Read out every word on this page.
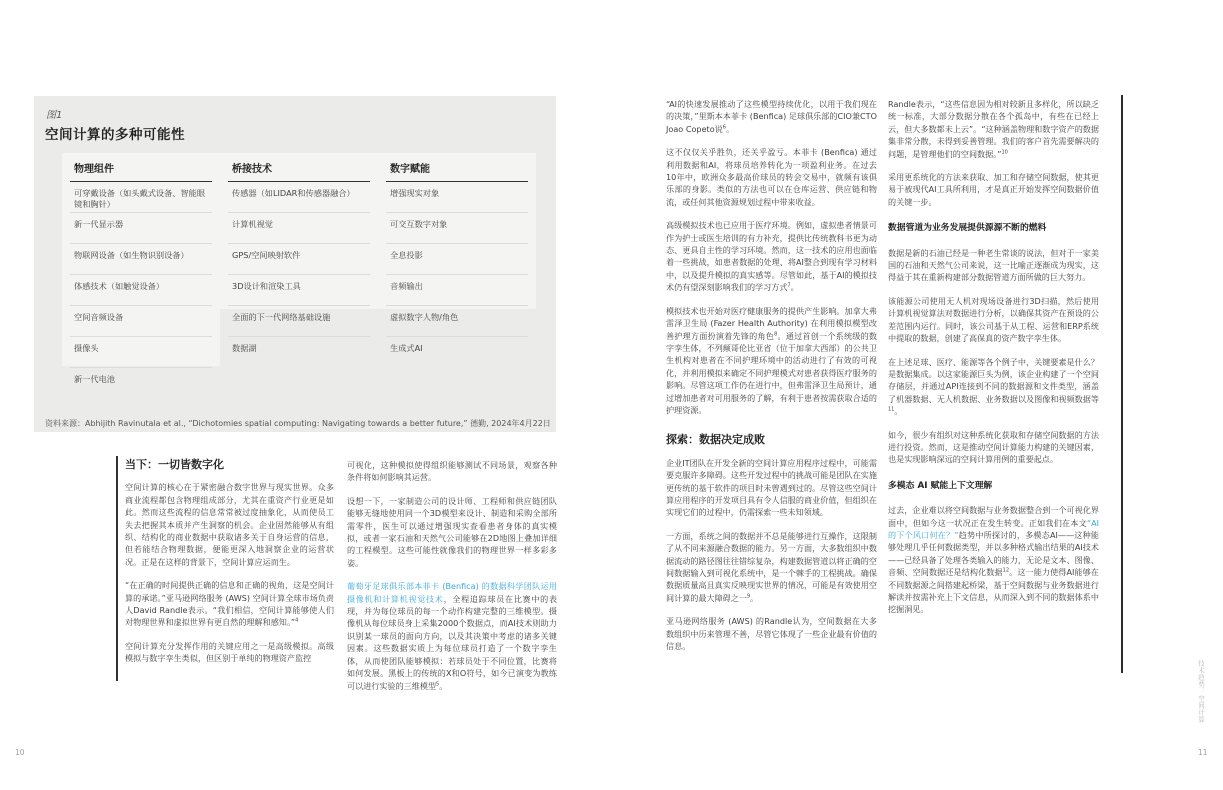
图1
空间计算的多种可能性
物理组件
可穿戴设备（如头戴式设备、智能眼镜和胸针）
新一代显示器
物联网设备（如生物识别设备）
体感技术（如触觉设备）
空间音频设备
摄像头
新一代电池
桥接技术
传感器（如LIDAR和传感器融合）
计算机视觉
GPS/空间映射软件
3D设计和渲染工具
全面的下一代网络基础设施
数据湖
数字赋能
增强现实对象
可交互数字对象
全息投影
音频输出
虚拟数字人物/角色
生成式AI
资料来源：Abhijith Ravinutala et al., “Dichotomies spatial computing: Navigating towards a better future,” 德勤, 2024年4月22日
当下：一切皆数字化

空间计算的核心在于紧密融合数字世界与现实世界。众多商业流程都包含物理组成部分，尤其在重资产行业更是如此。然而这些流程的信息常常被过度抽象化，从而使员工失去把握其本质并产生洞察的机会。企业固然能够从有组织、结构化的商业数据中获取诸多关于自身运营的信息，但若能结合物理数据，便能更深入地洞察企业的运营状况。正是在这样的背景下，空间计算应运而生。

“在正确的时间提供正确的信息和正确的视角，这是空间计算的承诺。”亚马逊网络服务 (AWS) 空间计算全球市场负责人David Randle表示。“我们相信，空间计算能够使人们对物理世界和虚拟世界有更自然的理解和感知。”$^4$

空间计算充分发挥作用的关键应用之一是高级模拟。高级模拟与数字孪生类似，但区别于单纯的物理资产监控

可视化，这种模拟使得组织能够测试不同场景，观察各种条件将如何影响其运营。

设想一下，一家制造公司的设计师、工程师和供应链团队能够无缝地使用同一个3D模型来设计、制造和采购全部所需零件，医生可以通过增强现实查看患者身体的真实模拟，或者一家石油和天然气公司能够在2D地图上叠加详细的工程模型。这些可能性就像我们的物理世界一样多彩多姿。

葡萄牙足球俱乐部本菲卡 (Benfica) 的数据科学团队运用摄像机和计算机视觉技术，全程追踪球员在比赛中的表现，并为每位球员的每一个动作构建完整的三维模型。摄像机从每位球员身上采集2000个数据点，而AI技术则助力识别某一球员的面向方向，以及其决策中考虑的诸多关键因素。这些数据实质上为每位球员打造了一个数字孪生体，从而使团队能够模拟：若球员处于不同位置，比赛将如何发展。黑板上的传统的X和O符号，如今已演变为教练可以进行实验的三维模型$^5$。

10

“AI的快速发展推动了这些模型持续优化，以用于我们现在的决策，”里斯本本菲卡 (Benfica) 足球俱乐部的CIO兼CTO Joao Copeto说$^6$。

这不仅仅关乎胜负，还关乎盈亏。本菲卡 (Benfica) 通过利用数据和AI，将球员培养转化为一项盈利业务。在过去10年中，欧洲众多最高价球员的转会交易中，就频有该俱乐部的身影。类似的方法也可以在仓库运营、供应链和物流，或任何其他资源规划过程中带来收益。

高级模拟技术也已应用于医疗环境。例如，虚拟患者情景可作为护士或医生培训的有力补充，提供比传统教科书更为动态、更具自主性的学习环境。然而，这一技术的应用也面临着一些挑战，如患者数据的处理、将AI整合到现有学习材料中，以及提升模拟的真实感等。尽管如此，基于AI的模拟技术仍有望深刻影响我们的学习方式$^7$。

模拟技术也开始对医疗健康服务的提供产生影响。加拿大弗雷泽卫生局 (Fazer Health Authority) 在利用模拟模型改善护理方面扮演着先锋的角色$^8$。通过首创一个系统级的数字孪生体，不列颠哥伦比亚省（位于加拿大西部）的公共卫生机构对患者在不同护理环境中的活动进行了有效的可视化，并利用模拟来确定不同护理模式对患者获得医疗服务的影响。尽管这项工作仍在进行中，但弗雷泽卫生局预计，通过增加患者对可用服务的了解，有利于患者按需获取合适的护理资源。

探索：数据决定成败

企业IT团队在开发全新的空间计算应用程序过程中，可能需要克服许多障碍。这些开发过程中的挑战可能是团队在实施更传统的基于软件的项目时未曾遇到过的。尽管这些空间计算应用程序的开发项目具有令人信服的商业价值，但组织在实现它们的过程中，仍需探索一些未知领域。

一方面，系统之间的数据并不总是能够进行互操作，这限制了从不同来源融合数据的能力。另一方面，大多数组织中数据流动的路径图往往错综复杂，构建数据管道以将正确的空间数据输入到可视化系统中，是一个棘手的工程挑战。确保数据质量高且真实反映现实世界的情况，可能是有效使用空间计算的最大障碍之一$^9$。

亚马逊网络服务 (AWS) 的Randle认为，空间数据在大多数组织中历来管理不善，尽管它体现了一些企业最有价值的信息。

Randle表示，“这些信息因为相对较新且多样化，所以缺乏统一标准，大部分数据分散在各个孤岛中，有些在已经上云，但大多数都未上云”。“这种涵盖物理和数字资产的数据集非常分散，未得到妥善管理。我们的客户首先需要解决的问题，是管理他们的空间数据。”$^{10}$

采用更系统化的方法来获取、加工和存储空间数据，使其更易于被现代AI工具所利用，才是真正开始发挥空间数据价值的关键一步。

数据管道为业务发展提供源源不断的燃料

数据是新的石油已经是一种老生常谈的说法，但对于一家美国的石油和天然气公司来说，这一比喻正逐渐成为现实，这得益于其在重新构建部分数据管道方面所做的巨大努力。

该能源公司使用无人机对现场设备进行3D扫描，然后使用计算机视觉算法对数据进行分析，以确保其资产在预设的公差范围内运行。同时，该公司基于从工程、运营和ERP系统中提取的数据，创建了高保真的资产数字孪生体。

在上述足球、医疗、能源等各个例子中，关键要素是什么？是数据集成。以这家能源巨头为例，该企业构建了一个空间存储层，并通过API连接到不同的数据源和文件类型，涵盖了机器数据、无人机数据、业务数据以及图像和视频数据等$^{11}$。

如今，很少有组织对这种系统化获取和存储空间数据的方法进行投资。然而，这是推动空间计算能力构建的关键因素，也是实现影响深远的空间计算用例的重要起点。

多模态 AI 赋能上下文理解

过去，企业难以将空间数据与业务数据整合到一个可视化界面中，但如今这一状况正在发生转变。正如我们在本文“AI的下个风口何在？”趋势中所探讨的，多模态AI——这种能够处理几乎任何数据类型，并以多种格式输出结果的AI技术——已经具备了处理各类输入的能力，无论是文本、图像、音频、空间数据还是结构化数据$^{12}$。这一能力使得AI能够在不同数据源之间搭建起桥梁，基于空间数据与业务数据进行解读并按需补充上下文信息，从而深入到不同的数据体系中挖掘洞见。

技术趋势：空间计算
11
